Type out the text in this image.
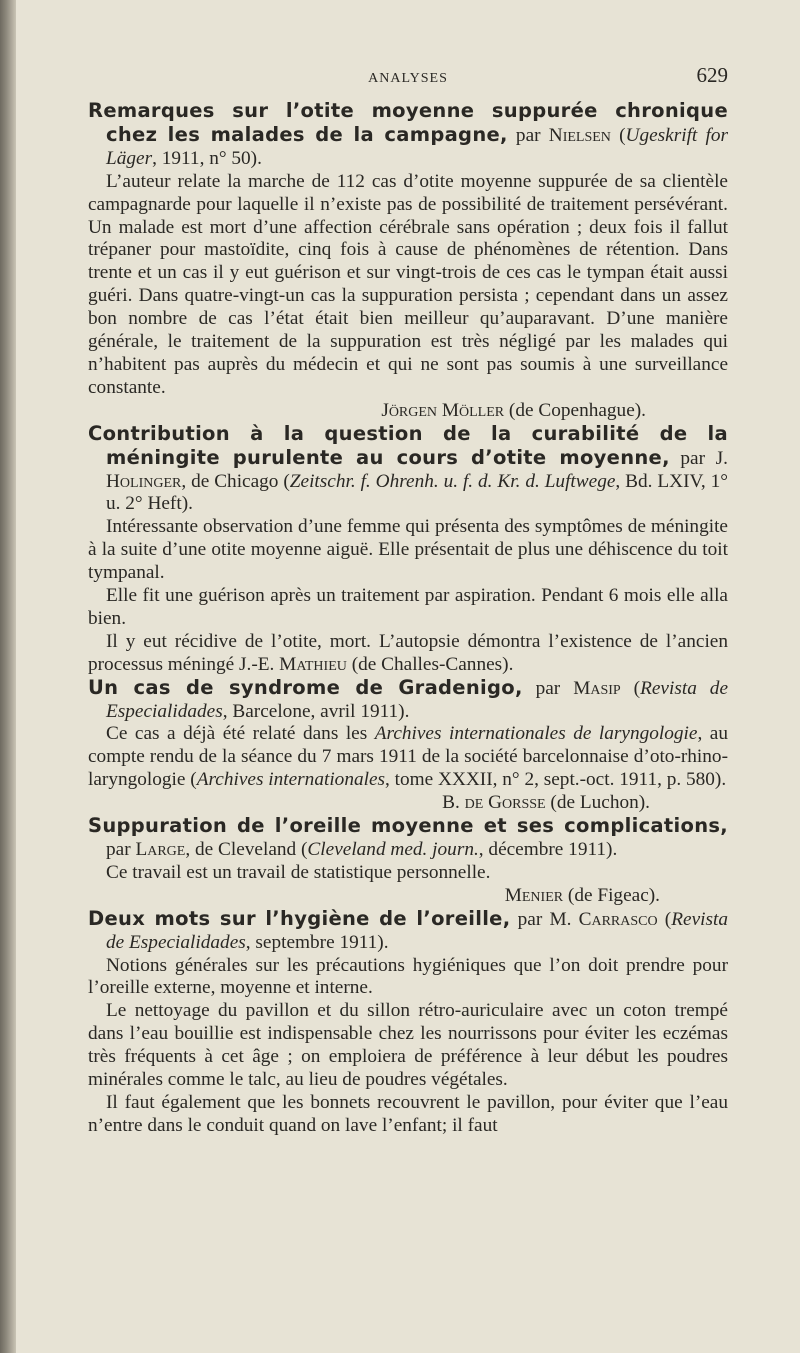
ANALYSES	629

Remarques sur l’otite moyenne suppurée chronique chez les malades de la campagne, par Nielsen (Ugeskrift for Läger, 1911, n° 50).

L’auteur relate la marche de 112 cas d’otite moyenne suppurée de sa clientèle campagnarde pour laquelle il n’existe pas de possibilité de traitement persévérant. Un malade est mort d’une affection cérébrale sans opération ; deux fois il fallut trépaner pour mastoïdite, cinq fois à cause de phénomènes de rétention. Dans trente et un cas il y eut guérison et sur vingt-trois de ces cas le tympan était aussi guéri. Dans quatre-vingt-un cas la suppuration persista ; cependant dans un assez bon nombre de cas l’état était bien meilleur qu’auparavant. D’une manière générale, le traitement de la suppuration est très négligé par les malades qui n’habitent pas auprès du médecin et qui ne sont pas soumis à une surveillance constante.

Jörgen Möller (de Copenhague).

Contribution à la question de la curabilité de la méningite purulente au cours d’otite moyenne, par J. Holinger, de Chicago (Zeitschr. f. Ohrenh. u. f. d. Kr. d. Luftwege, Bd. LXIV, 1° u. 2° Heft).

Intéressante observation d’une femme qui présenta des symptômes de méningite à la suite d’une otite moyenne aiguë. Elle présentait de plus une déhiscence du toit tympanal.

Elle fit une guérison après un traitement par aspiration. Pendant 6 mois elle alla bien.

Il y eut récidive de l’otite, mort. L’autopsie démontra l’existence de l’ancien processus méningé J.-E. Mathieu (de Challes-Cannes).

Un cas de syndrome de Gradenigo, par Masip (Revista de Especialidades, Barcelone, avril 1911).

Ce cas a déjà été relaté dans les Archives internationales de laryngologie, au compte rendu de la séance du 7 mars 1911 de la société barcelonnaise d’oto-rhino-laryngologie (Archives internationales, tome XXXII, n° 2, sept.-oct. 1911, p. 580).

B. de Gorsse (de Luchon).

Suppuration de l’oreille moyenne et ses complications, par Large, de Cleveland (Cleveland med. journ., décembre 1911).

Ce travail est un travail de statistique personnelle.

Menier (de Figeac).

Deux mots sur l’hygiène de l’oreille, par M. Carrasco (Revista de Especialidades, septembre 1911).

Notions générales sur les précautions hygiéniques que l’on doit prendre pour l’oreille externe, moyenne et interne.

Le nettoyage du pavillon et du sillon rétro-auriculaire avec un coton trempé dans l’eau bouillie est indispensable chez les nourrissons pour éviter les eczémas très fréquents à cet âge ; on emploiera de préférence à leur début les poudres minérales comme le talc, au lieu de poudres végétales.

Il faut également que les bonnets recouvrent le pavillon, pour éviter que l’eau n’entre dans le conduit quand on lave l’enfant; il faut
